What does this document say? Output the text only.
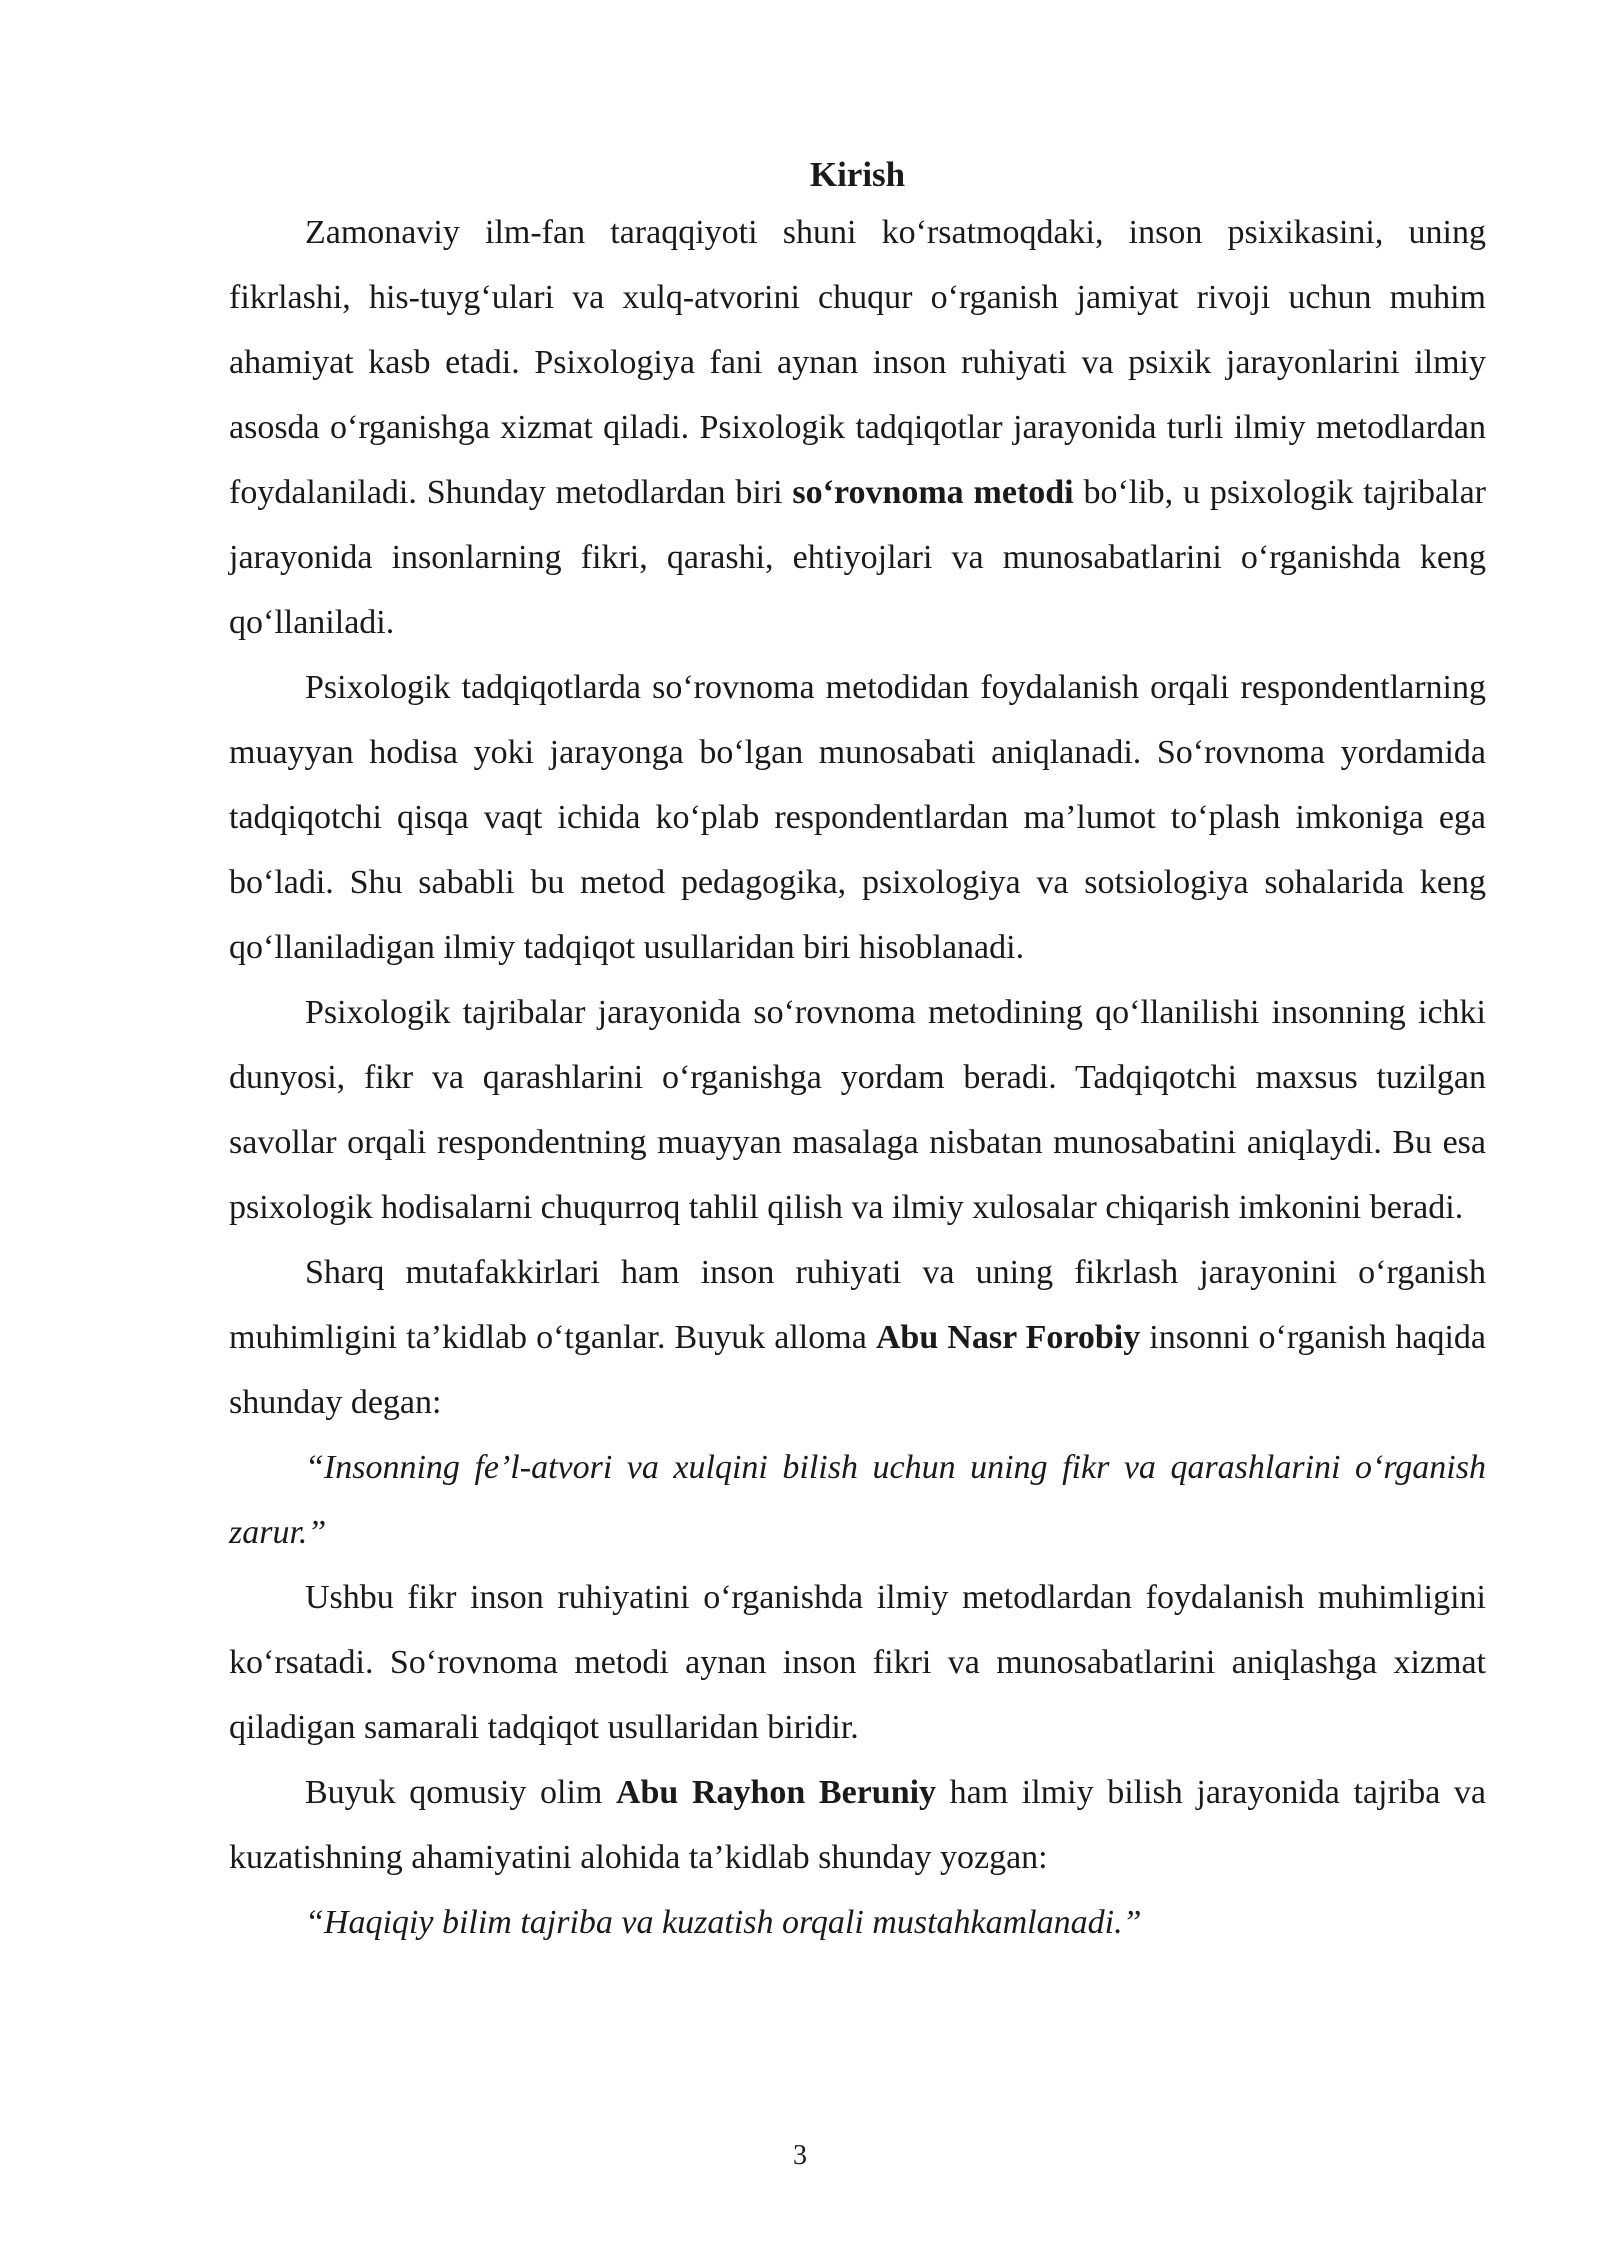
Kirish

Zamonaviy ilm-fan taraqqiyoti shuni ko‘rsatmoqdaki, inson psixikasini, uning fikrlashi, his-tuyg‘ulari va xulq-atvorini chuqur o‘rganish jamiyat rivoji uchun muhim ahamiyat kasb etadi. Psixologiya fani aynan inson ruhiyati va psixik jarayonlarini ilmiy asosda o‘rganishga xizmat qiladi. Psixologik tadqiqotlar jarayonida turli ilmiy metodlardan foydalaniladi. Shunday metodlardan biri so‘rovnoma metodi bo‘lib, u psixologik tajribalar jarayonida insonlarning fikri, qarashi, ehtiyojlari va munosabatlarini o‘rganishda keng qo‘llaniladi.

Psixologik tadqiqotlarda so‘rovnoma metodidan foydalanish orqali respondentlarning muayyan hodisa yoki jarayonga bo‘lgan munosabati aniqlanadi. So‘rovnoma yordamida tadqiqotchi qisqa vaqt ichida ko‘plab respondentlardan ma’lumot to‘plash imkoniga ega bo‘ladi. Shu sababli bu metod pedagogika, psixologiya va sotsiologiya sohalarida keng qo‘llaniladigan ilmiy tadqiqot usullaridan biri hisoblanadi.

Psixologik tajribalar jarayonida so‘rovnoma metodining qo‘llanilishi insonning ichki dunyosi, fikr va qarashlarini o‘rganishga yordam beradi. Tadqiqotchi maxsus tuzilgan savollar orqali respondentning muayyan masalaga nisbatan munosabatini aniqlaydi. Bu esa psixologik hodisalarni chuqurroq tahlil qilish va ilmiy xulosalar chiqarish imkonini beradi.

Sharq mutafakkirlari ham inson ruhiyati va uning fikrlash jarayonini o‘rganish muhimligini ta’kidlab o‘tganlar. Buyuk alloma Abu Nasr Forobiy insonni o‘rganish haqida shunday degan:

“Insonning fe’l-atvori va xulqini bilish uchun uning fikr va qarashlarini o‘rganish zarur.”

Ushbu fikr inson ruhiyatini o‘rganishda ilmiy metodlardan foydalanish muhimligini ko‘rsatadi. So‘rovnoma metodi aynan inson fikri va munosabatlarini aniqlashga xizmat qiladigan samarali tadqiqot usullaridan biridir.

Buyuk qomusiy olim Abu Rayhon Beruniy ham ilmiy bilish jarayonida tajriba va kuzatishning ahamiyatini alohida ta’kidlab shunday yozgan:

“Haqiqiy bilim tajriba va kuzatish orqali mustahkamlanadi.”

3
